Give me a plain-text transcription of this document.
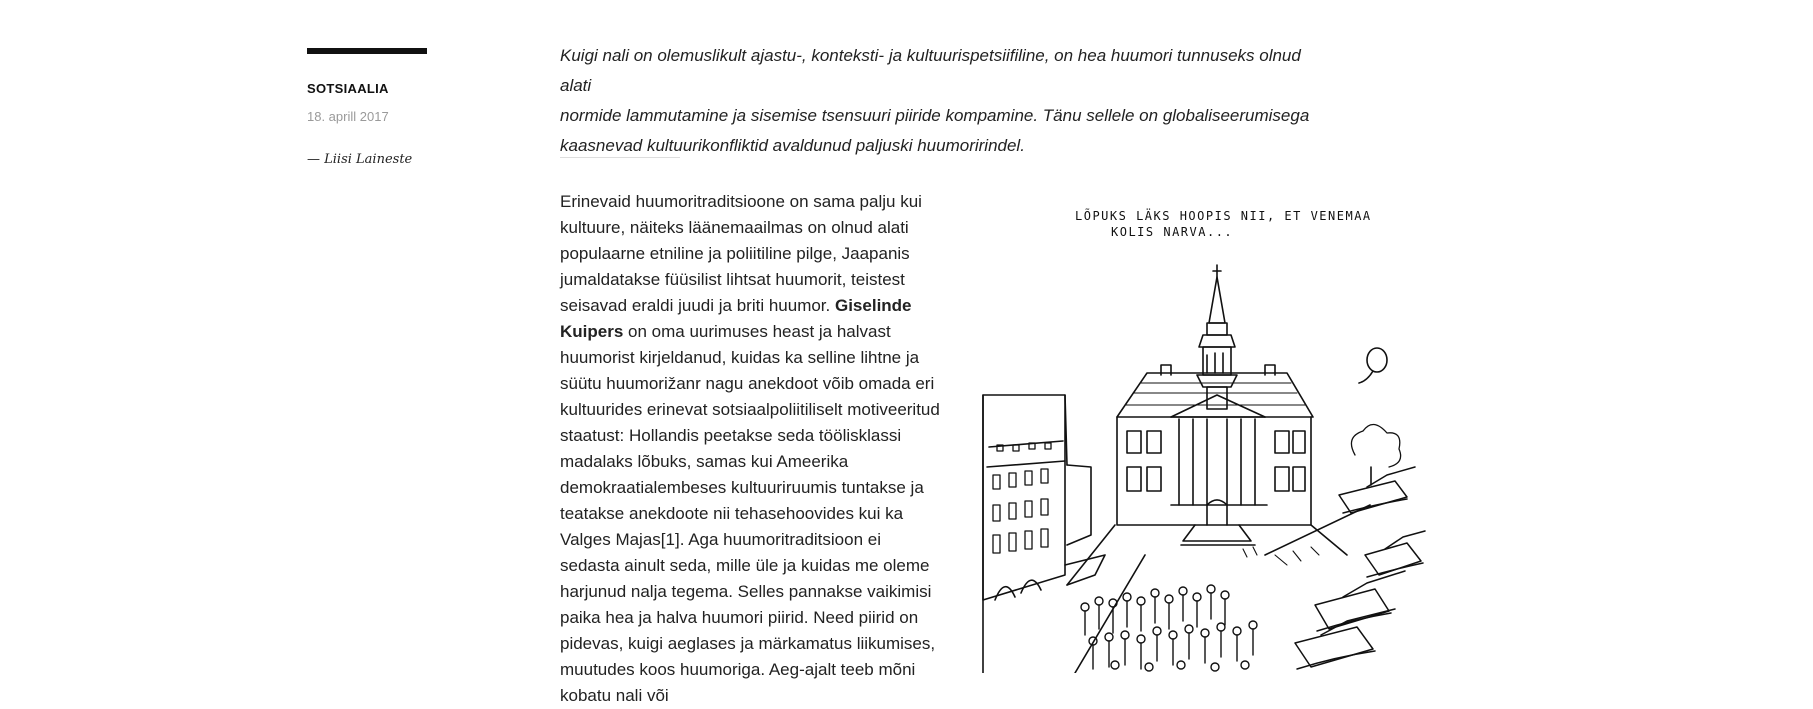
SOTSIAALIA
18. aprill 2017
— Liisi Laineste

Kuigi nali on olemuslikult ajastu-, konteksti- ja kultuurispetsiifiline, on hea huumori tunnuseks olnud alati

normide lammutamine ja sisemise tsensuuri piiride kompamine. Tänu sellele on globaliseerumisega

kaasnevad kultuurikonfliktid avaldunud paljuski huumoririndel.

Erinevaid huumoritraditsioone on sama palju kui kultuure, näiteks läänemaailmas on olnud alati populaarne etniline ja poliitiline pilge, Jaapanis jumaldatakse füüsilist lihtsat huumorit, teistest seisavad eraldi juudi ja briti huumor. Giselinde Kuipers on oma uurimuses heast ja halvast huumorist kirjeldanud, kuidas ka selline lihtne ja süütu huumorižanr nagu anekdoot võib omada eri kultuurides erinevat sotsiaalpoliitiliselt motiveeritud staatust: Hollandis peetakse seda töölisklassi madalaks lõbuks, samas kui Ameerika demokraatialembeses kultuuriruumis tuntakse ja teatakse anekdoote nii tehasehoovides kui ka Valges Majas[1]. Aga huumoritraditsioon ei sedasta ainult seda, mille üle ja kuidas me oleme harjunud nalja tegema. Selles pannakse vaikimisi paika hea ja halva huumori piirid. Need piirid on pidevas, kuigi aeglases ja märkamatus liikumises, muutudes koos huumoriga. Aeg-ajalt teeb mõni kobatu nali või

LÕPUKS LÄKS HOOPIS NII, ET VENEMAA
KOLIS NARVA...
